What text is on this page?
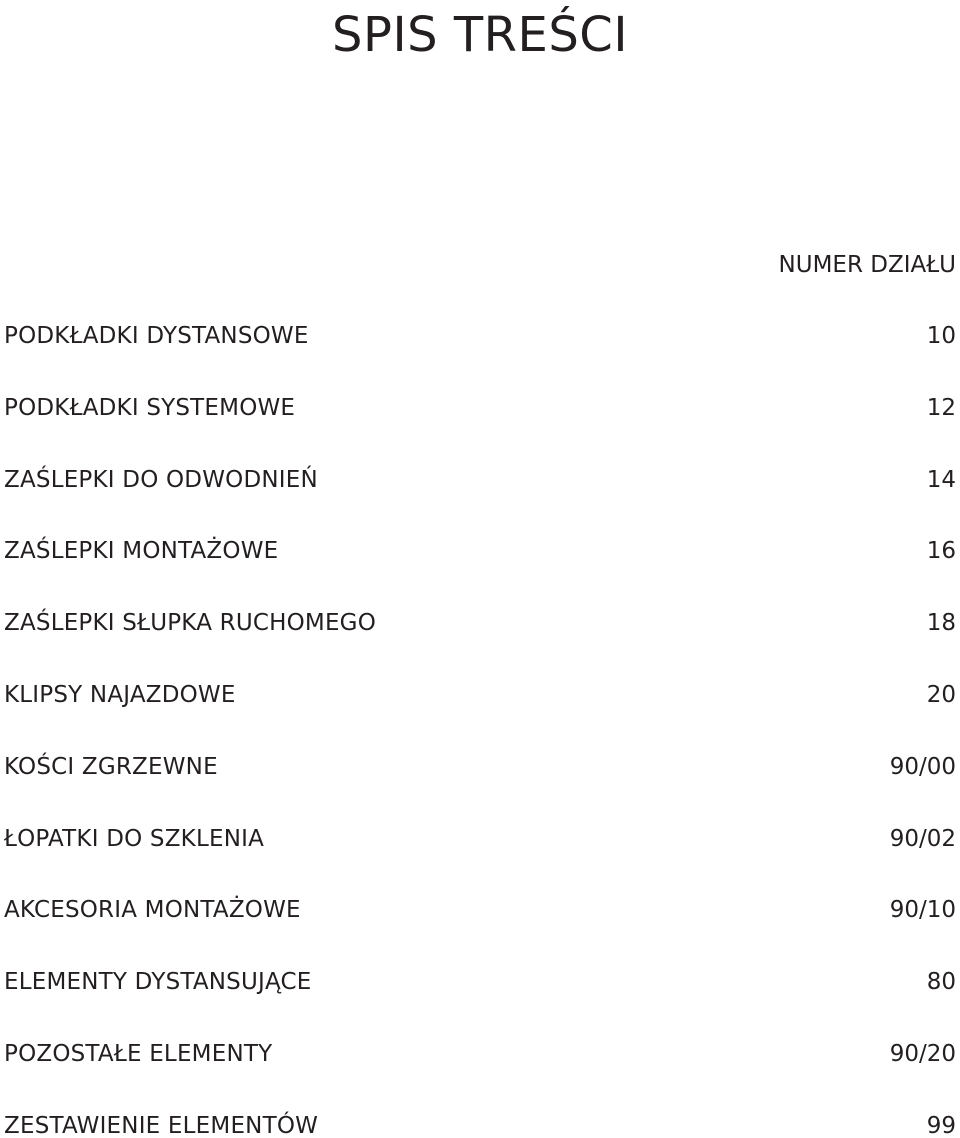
SPIS TREŚCI
NUMER DZIAŁU
PODKŁADKI DYSTANSOWE	10
PODKŁADKI SYSTEMOWE	12
ZAŚLEPKI DO ODWODNIEŃ	14
ZAŚLEPKI MONTAŻOWE	16
ZAŚLEPKI SŁUPKA RUCHOMEGO	18
KLIPSY NAJAZDOWE	20
KOŚCI ZGRZEWNE	90/00
ŁOPATKI DO SZKLENIA	90/02
AKCESORIA MONTAŻOWE	90/10
ELEMENTY DYSTANSUJĄCE	80
POZOSTAŁE ELEMENTY	90/20
ZESTAWIENIE ELEMENTÓW	99
